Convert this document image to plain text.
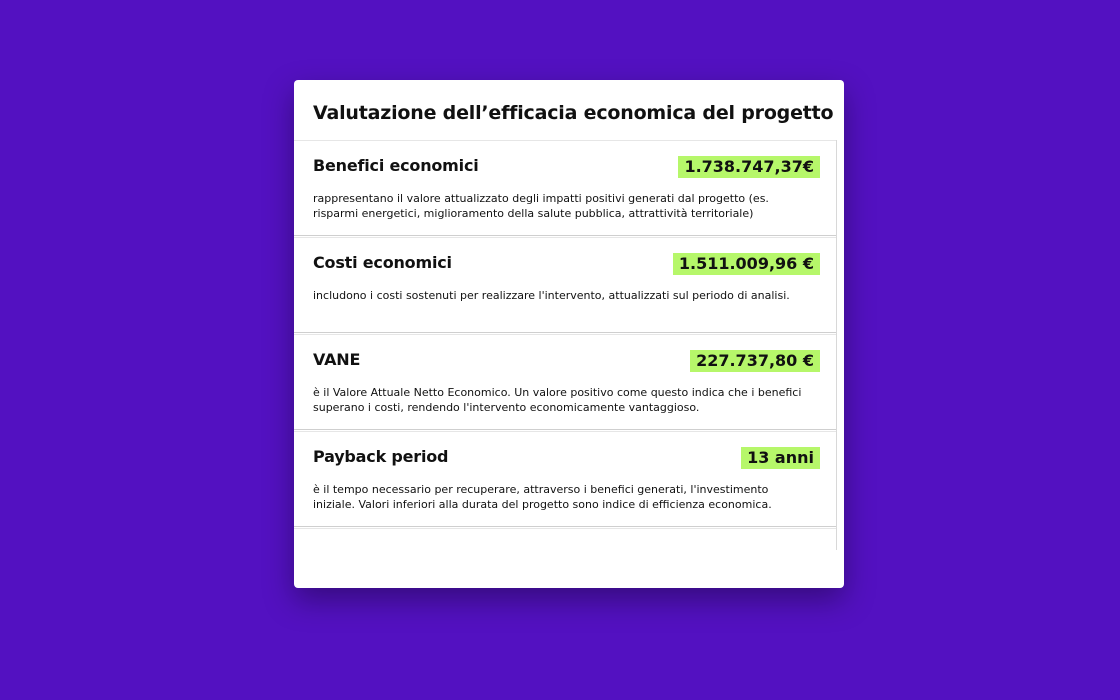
Valutazione dell’efficacia economica del progetto
Benefici economici	1.738.747,37€

rappresentano il valore attualizzato degli impatti positivi generati dal progetto (es. risparmi energetici, miglioramento della salute pubblica, attrattività territoriale)

Costi economici	1.511.009,96 €

includono i costi sostenuti per realizzare l'intervento, attualizzati sul periodo di analisi.

VANE	227.737,80 €

è il Valore Attuale Netto Economico. Un valore positivo come questo indica che i benefici superano i costi, rendendo l'intervento economicamente vantaggioso.

Payback period	13 anni

è il tempo necessario per recuperare, attraverso i benefici generati, l'investimento iniziale. Valori inferiori alla durata del progetto sono indice di efficienza economica.
